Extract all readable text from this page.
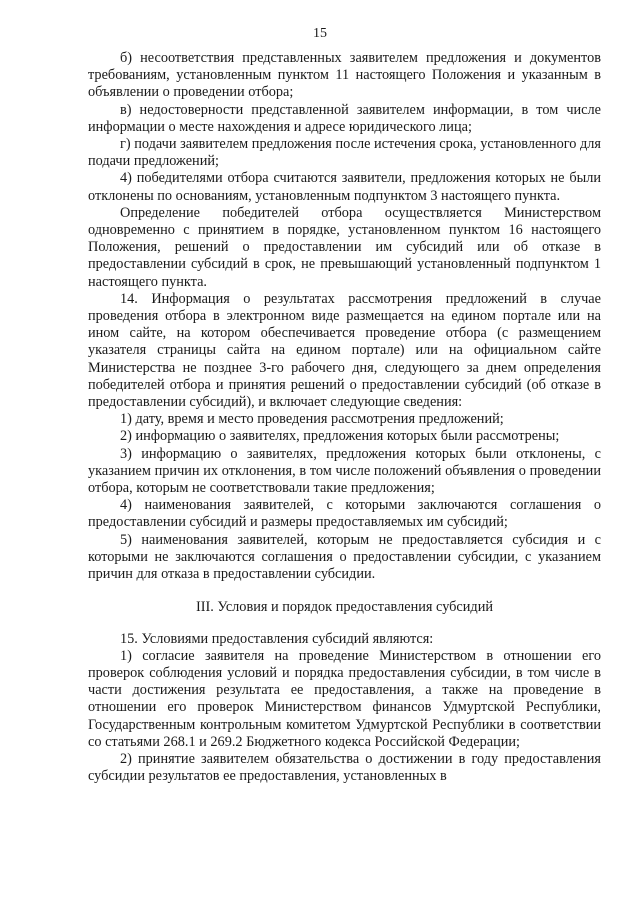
15

б) несоответствия представленных заявителем предложения и документов требованиям, установленным пунктом 11 настоящего Положения и указанным в объявлении о проведении отбора;

в) недостоверности представленной заявителем информации, в том числе информации о месте нахождения и адресе юридического лица;

г) подачи заявителем предложения после истечения срока, установленного для подачи предложений;

4) победителями отбора считаются заявители, предложения которых не были отклонены по основаниям, установленным подпунктом 3 настоящего пункта.

Определение победителей отбора осуществляется Министерством одновременно с принятием в порядке, установленном пунктом 16 настоящего Положения, решений о предоставлении им субсидий или об отказе в предоставлении субсидий в срок, не превышающий установленный подпунктом 1 настоящего пункта.

14. Информация о результатах рассмотрения предложений в случае проведения отбора в электронном виде размещается на едином портале или на ином сайте, на котором обеспечивается проведение отбора (с размещением указателя страницы сайта на едином портале) или на официальном сайте Министерства не позднее 3-го рабочего дня, следующего за днем определения победителей отбора и принятия решений о предоставлении субсидий (об отказе в предоставлении субсидий), и включает следующие сведения:

1) дату, время и место проведения рассмотрения предложений;

2) информацию о заявителях, предложения которых были рассмотрены;

3) информацию о заявителях, предложения которых были отклонены, с указанием причин их отклонения, в том числе положений объявления о проведении отбора, которым не соответствовали такие предложения;

4) наименования заявителей, с которыми заключаются соглашения о предоставлении субсидий и размеры предоставляемых им субсидий;

5) наименования заявителей, которым не предоставляется субсидия и с которыми не заключаются соглашения о предоставлении субсидии, с указанием причин для отказа в предоставлении субсидии.

III. Условия и порядок предоставления субсидий

15. Условиями предоставления субсидий являются:

1) согласие заявителя на проведение Министерством в отношении его проверок соблюдения условий и порядка предоставления субсидии, в том числе в части достижения результата ее предоставления, а также на проведение в отношении его проверок Министерством финансов Удмуртской Республики, Государственным контрольным комитетом Удмуртской Республики в соответствии со статьями 268.1 и 269.2 Бюджетного кодекса Российской Федерации;

2) принятие заявителем обязательства о достижении в году предоставления субсидии результатов ее предоставления, установленных в
